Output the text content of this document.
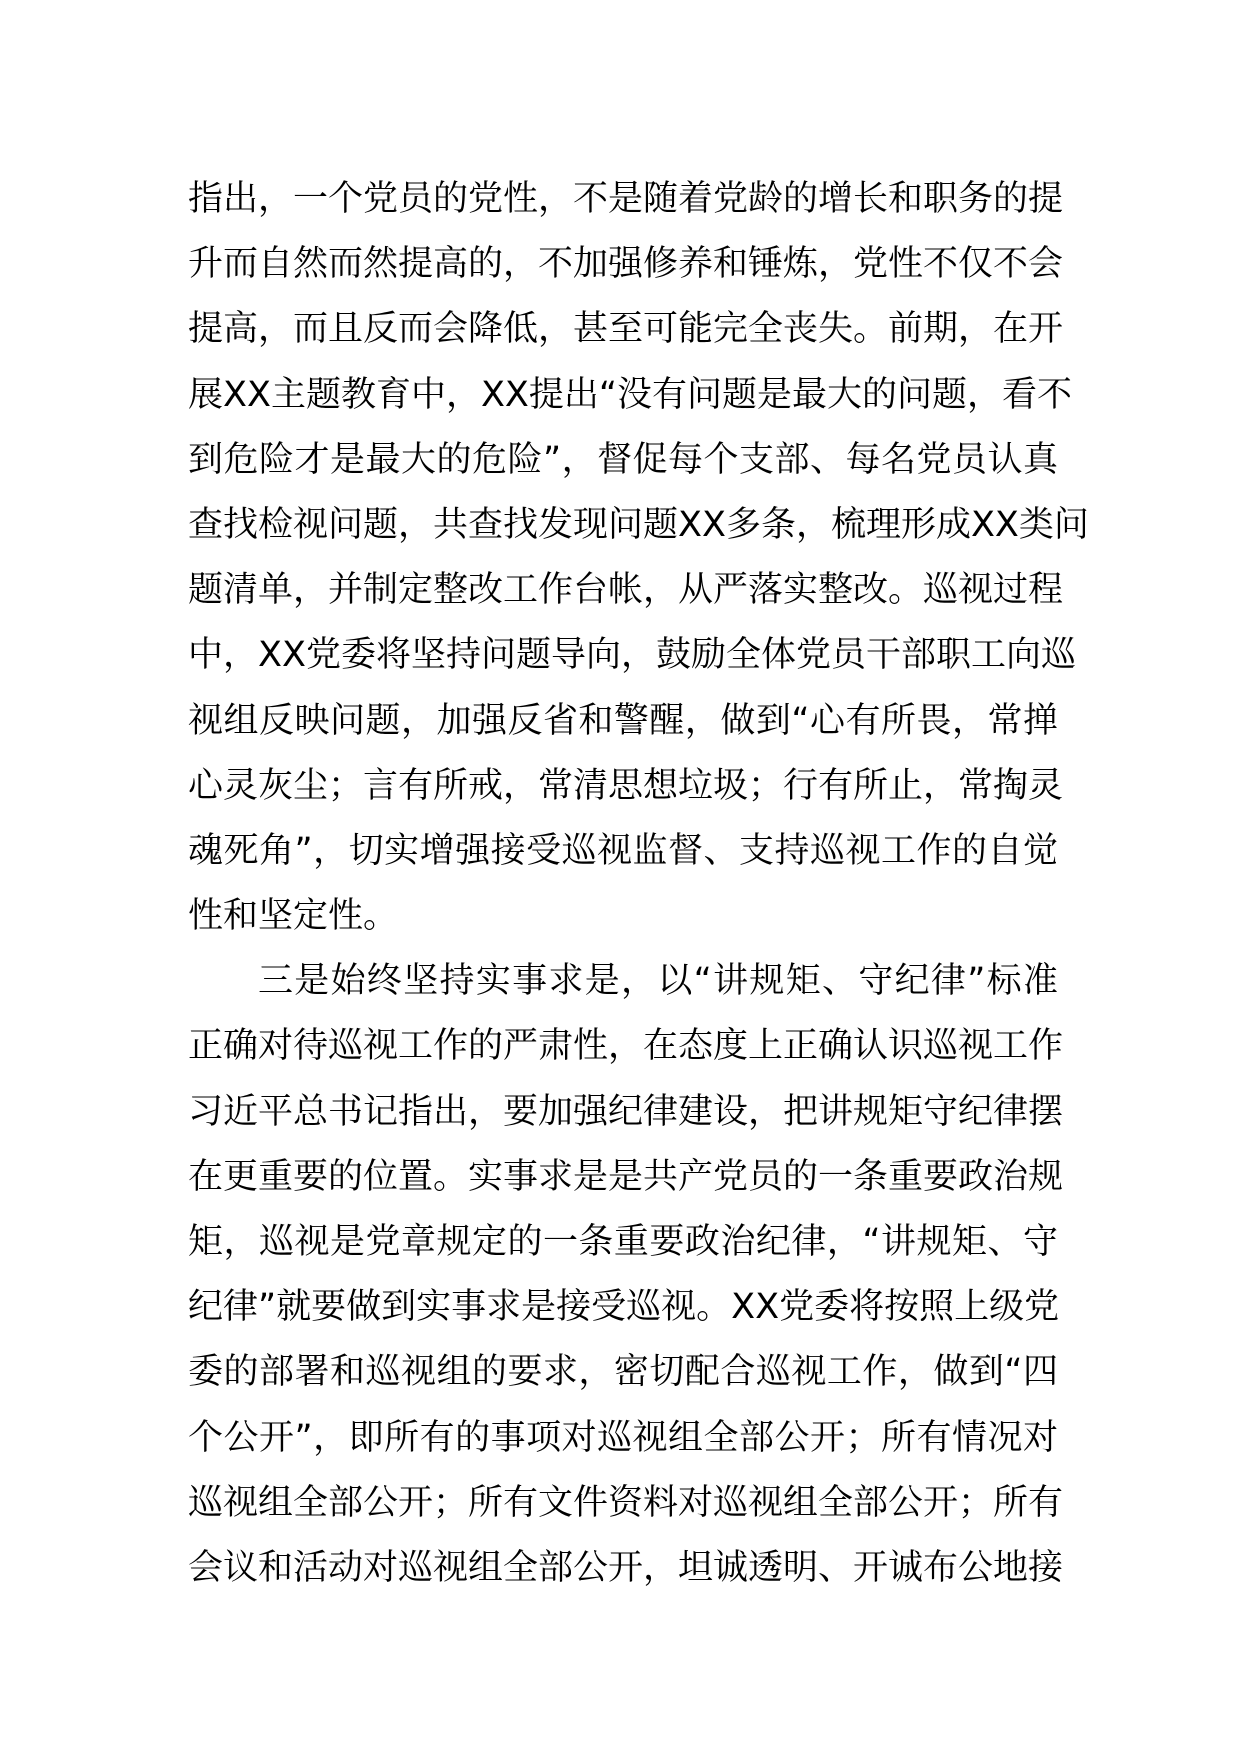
指出，一个党员的党性，不是随着党龄的增长和职务的提
升而自然而然提高的，不加强修养和锤炼，党性不仅不会
提高，而且反而会降低，甚至可能完全丧失。前期，在开
展XX主题教育中，XX提出“没有问题是最大的问题，看不
到危险才是最大的危险”，督促每个支部、每名党员认真
查找检视问题，共查找发现问题XX多条，梳理形成XX类问
题清单，并制定整改工作台帐，从严落实整改。巡视过程
中，XX党委将坚持问题导向，鼓励全体党员干部职工向巡
视组反映问题，加强反省和警醒，做到“心有所畏，常掸
心灵灰尘；言有所戒，常清思想垃圾；行有所止，常掏灵
魂死角”，切实增强接受巡视监督、支持巡视工作的自觉
性和坚定性。
三是始终坚持实事求是，以“讲规矩、守纪律”标准
正确对待巡视工作的严肃性，在态度上正确认识巡视工作
习近平总书记指出，要加强纪律建设，把讲规矩守纪律摆
在更重要的位置。实事求是是共产党员的一条重要政治规
矩，巡视是党章规定的一条重要政治纪律，“讲规矩、守
纪律”就要做到实事求是接受巡视。XX党委将按照上级党
委的部署和巡视组的要求，密切配合巡视工作，做到“四
个公开”，即所有的事项对巡视组全部公开；所有情况对
巡视组全部公开；所有文件资料对巡视组全部公开；所有
会议和活动对巡视组全部公开，坦诚透明、开诚布公地接
